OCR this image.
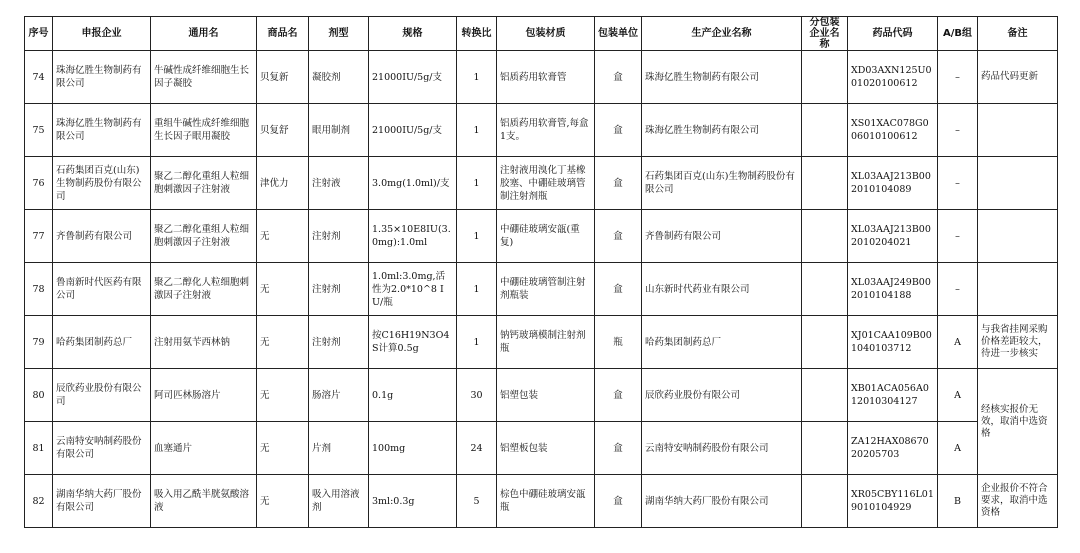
序号	申报企业	通用名	商品名	剂型	规格	转换比	包装材质	包装单位	生产企业名称	分包装企业名称	药品代码	A/B组	备注
74	珠海亿胜生物制药有限公司	牛碱性成纤维细胞生长因子凝胶	贝复新	凝胶剂	21000IU/5g/支	1	铝质药用软膏管	盒	珠海亿胜生物制药有限公司		XD03AXN125U001020100612	–	药品代码更新
75	珠海亿胜生物制药有限公司	重组牛碱性成纤维细胞生长因子眼用凝胶	贝复舒	眼用制剂	21000IU/5g/支	1	铝质药用软膏管,每盒1支。	盒	珠海亿胜生物制药有限公司		XS01XAC078G006010100612	–	
76	石药集团百克(山东)生物制药股份有限公司	聚乙二醇化重组人粒细胞刺激因子注射液	津优力	注射液	3.0mg(1.0ml)/支	1	注射液用溴化丁基橡胶塞、中硼硅玻璃管制注射剂瓶	盒	石药集团百克(山东)生物制药股份有限公司		XL03AAJ213B002010104089	–	
77	齐鲁制药有限公司	聚乙二醇化重组人粒细胞刺激因子注射液	无	注射剂	1.35×10E8IU(3.0mg):1.0ml	1	中硼硅玻璃安瓿(重复)	盒	齐鲁制药有限公司		XL03AAJ213B002010204021	–	
78	鲁南新时代医药有限公司	聚乙二醇化人粒细胞刺激因子注射液	无	注射剂	1.0ml:3.0mg,活性为2.0*10^8 IU/瓶	1	中硼硅玻璃管制注射剂瓶装	盒	山东新时代药业有限公司		XL03AAJ249B002010104188	–	
79	哈药集团制药总厂	注射用氨苄西林钠	无	注射剂	按C16H19N3O4S计算0.5g	1	钠钙玻璃模制注射剂瓶	瓶	哈药集团制药总厂		XJ01CAA109B001040103712	A	与我省挂网采购价格差距较大，待进一步核实
80	辰欣药业股份有限公司	阿司匹林肠溶片	无	肠溶片	0.1g	30	铝塑包装	盒	辰欣药业股份有限公司		XB01ACA056A012010304127	A	经核实报价无效，取消中选资格
81	云南特安呐制药股份有限公司	血塞通片	无	片剂	100mg	24	铝塑板包装	盒	云南特安呐制药股份有限公司		ZA12HAX0867020205703	A	
82	湖南华纳大药厂股份有限公司	吸入用乙酰半胱氨酸溶液	无	吸入用溶液剂	3ml:0.3g	5	棕色中硼硅玻璃安瓿瓶	盒	湖南华纳大药厂股份有限公司		XR05CBY116L019010104929	B	企业报价不符合要求，取消中选资格
